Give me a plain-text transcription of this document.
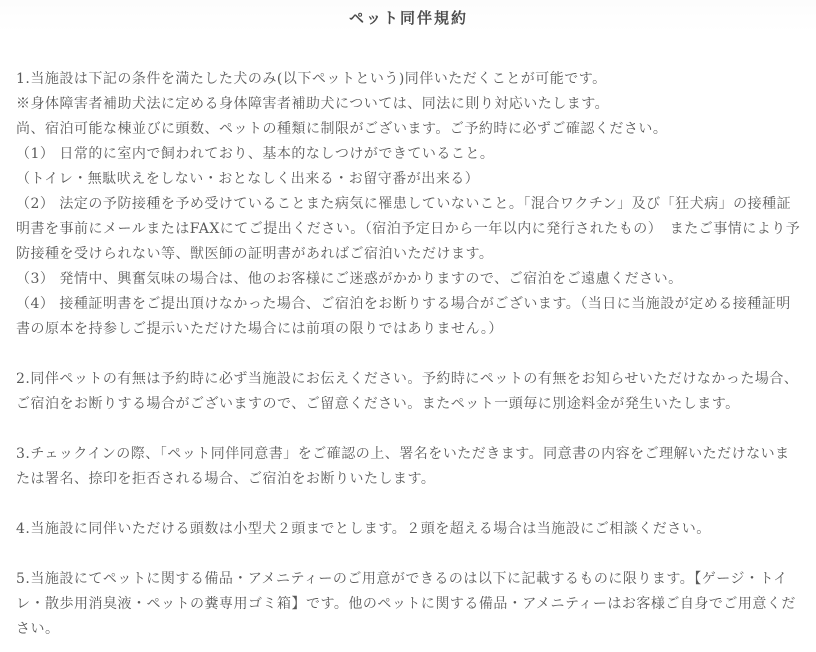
ペット同伴規約

1.当施設は下記の条件を満たした犬のみ(以下ペットという)同伴いただくことが可能です。

※身体障害者補助犬法に定める身体障害者補助犬については、同法に則り対応いたします。

尚、宿泊可能な棟並びに頭数、ペットの種類に制限がございます。ご予約時に必ずご確認ください。

（1） 日常的に室内で飼われており、基本的なしつけができていること。

（トイレ・無駄吠えをしない・おとなしく出来る・お留守番が出来る）

（2） 法定の予防接種を予め受けていることまた病気に罹患していないこと。「混合ワクチン」及び「狂犬病」の接種証明書を事前にメールまたはFAXにてご提出ください。（宿泊予定日から一年以内に発行されたもの）　またご事情により予防接種を受けられない等、獣医師の証明書があればご宿泊いただけます。

（3） 発情中、興奮気味の場合は、他のお客様にご迷惑がかかりますので、ご宿泊をご遠慮ください。

（4） 接種証明書をご提出頂けなかった場合、ご宿泊をお断りする場合がございます。（当日に当施設が定める接種証明書の原本を持参しご提示いただけた場合には前項の限りではありません。）

2.同伴ペットの有無は予約時に必ず当施設にお伝えください。予約時にペットの有無をお知らせいただけなかった場合、ご宿泊をお断りする場合がございますので、ご留意ください。またペット一頭毎に別途料金が発生いたします。

3.チェックインの際、「ペット同伴同意書」をご確認の上、署名をいただきます。同意書の内容をご理解いただけないまたは署名、捺印を拒否される場合、ご宿泊をお断りいたします。

4.当施設に同伴いただける頭数は小型犬２頭までとします。２頭を超える場合は当施設にご相談ください。

5.当施設にてペットに関する備品・アメニティーのご用意ができるのは以下に記載するものに限ります。【ゲージ・トイレ・散歩用消臭液・ペットの糞専用ゴミ箱】です。他のペットに関する備品・アメニティーはお客様ご自身でご用意ください。
